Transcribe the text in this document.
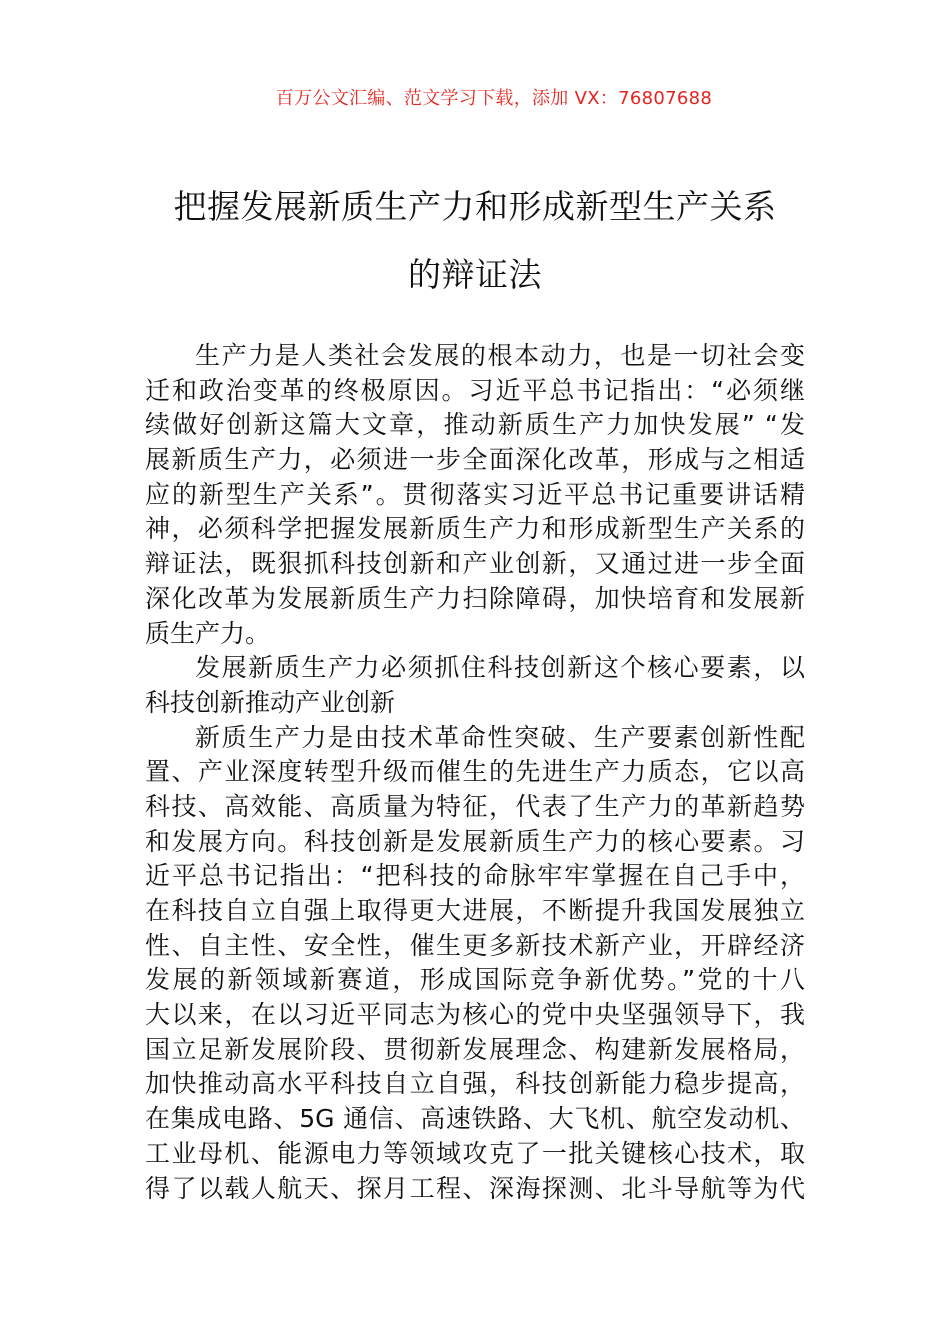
百万公文汇编、范文学习下载，添加 VX：76807688
把握发展新质生产力和形成新型生产关系
的辩证法
生产力是人类社会发展的根本动力，也是一切社会变
迁和政治变革的终极原因。习近平总书记指出：“必须继
续做好创新这篇大文章，推动新质生产力加快发展” “发
展新质生产力，必须进一步全面深化改革，形成与之相适
应的新型生产关系”。贯彻落实习近平总书记重要讲话精
神，必须科学把握发展新质生产力和形成新型生产关系的
辩证法，既狠抓科技创新和产业创新，又通过进一步全面
深化改革为发展新质生产力扫除障碍，加快培育和发展新
质生产力。
发展新质生产力必须抓住科技创新这个核心要素，以
科技创新推动产业创新
新质生产力是由技术革命性突破、生产要素创新性配
置、产业深度转型升级而催生的先进生产力质态，它以高
科技、高效能、高质量为特征，代表了生产力的革新趋势
和发展方向。科技创新是发展新质生产力的核心要素。习
近平总书记指出：“把科技的命脉牢牢掌握在自己手中，
在科技自立自强上取得更大进展，不断提升我国发展独立
性、自主性、安全性，催生更多新技术新产业，开辟经济
发展的新领域新赛道，形成国际竞争新优势。”党的十八
大以来，在以习近平同志为核心的党中央坚强领导下，我
国立足新发展阶段、贯彻新发展理念、构建新发展格局，
加快推动高水平科技自立自强，科技创新能力稳步提高，
在集成电路、5G 通信、高速铁路、大飞机、航空发动机、
工业母机、能源电力等领域攻克了一批关键核心技术，取
得了以载人航天、探月工程、深海探测、北斗导航等为代
